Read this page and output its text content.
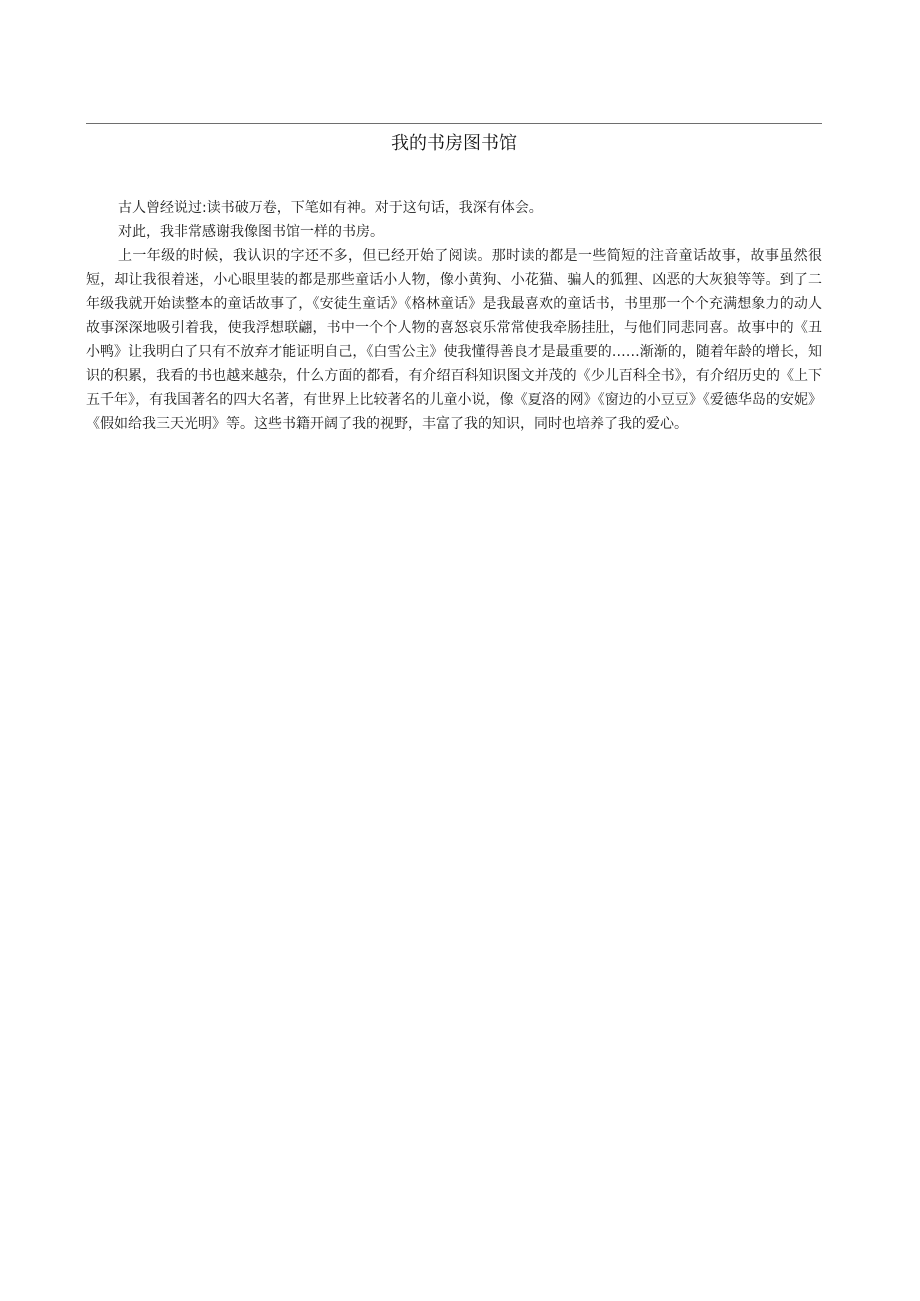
我的书房图书馆

古人曾经说过:读书破万卷，下笔如有神。对于这句话，我深有体会。

对此，我非常感谢我像图书馆一样的书房。

上一年级的时候，我认识的字还不多，但已经开始了阅读。那时读的都是一些简短的注音童话故事，故事虽然很短，却让我很着迷，小心眼里装的都是那些童话小人物，像小黄狗、小花猫、骗人的狐狸、凶恶的大灰狼等等。到了二年级我就开始读整本的童话故事了，《安徒生童话》《格林童话》是我最喜欢的童话书，书里那一个个充满想象力的动人故事深深地吸引着我，使我浮想联翩，书中一个个人物的喜怒哀乐常常使我牵肠挂肚，与他们同悲同喜。故事中的《丑小鸭》让我明白了只有不放弃才能证明自己，《白雪公主》使我懂得善良才是最重要的……渐渐的，随着年龄的增长，知识的积累，我看的书也越来越杂，什么方面的都看，有介绍百科知识图文并茂的《少儿百科全书》，有介绍历史的《上下五千年》，有我国著名的四大名著，有世界上比较著名的儿童小说，像《夏洛的网》《窗边的小豆豆》《爱德华岛的安妮》《假如给我三天光明》等。这些书籍开阔了我的视野，丰富了我的知识，同时也培养了我的爱心。
